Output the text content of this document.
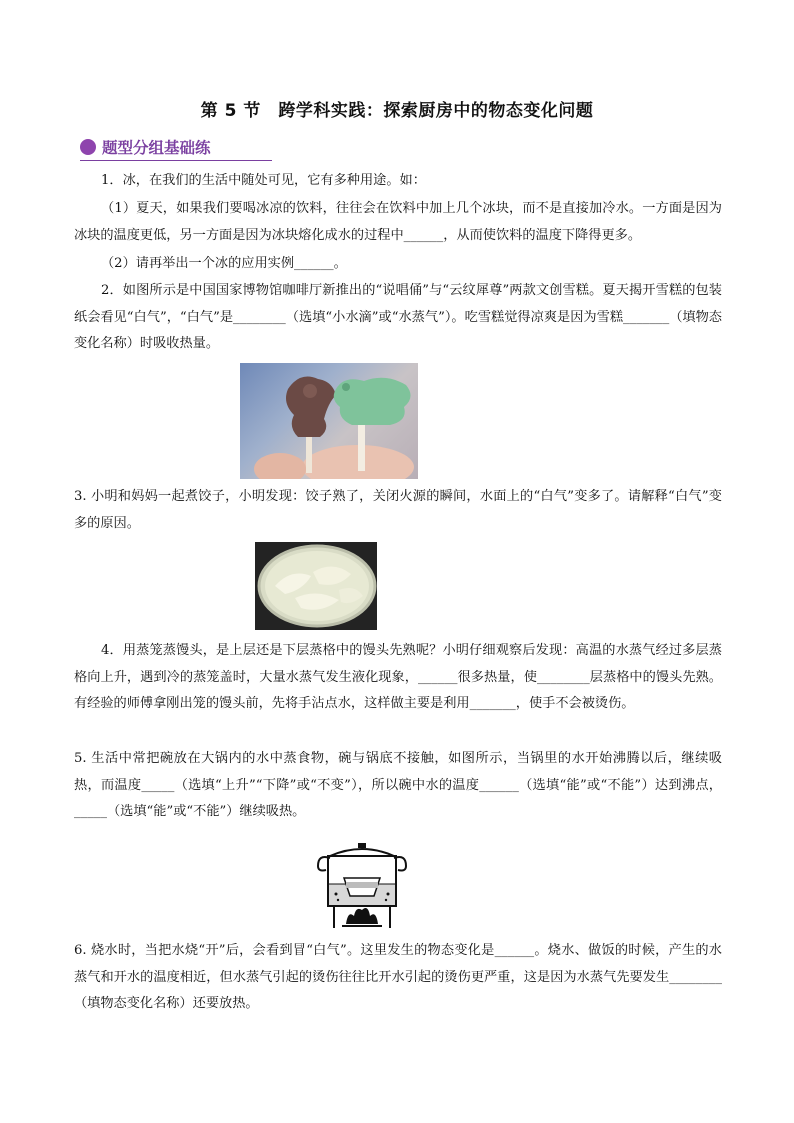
第 5 节　跨学科实践：探索厨房中的物态变化问题
题型分组基础练
1．冰，在我们的生活中随处可见，它有多种用途。如：
（1）夏天，如果我们要喝冰凉的饮料，往往会在饮料中加上几个冰块，而不是直接加冷水。一方面是因为冰块的温度更低，另一方面是因为冰块熔化成水的过程中______，从而使饮料的温度下降得更多。
（2）请再举出一个冰的应用实例______。
2．如图所示是中国国家博物馆咖啡厅新推出的“说唱俑”与“云纹犀尊”两款文创雪糕。夏天揭开雪糕的包装纸会看见“白气”，“白气”是________（选填“小水滴”或“水蒸气”）。吃雪糕觉得凉爽是因为雪糕_______（填物态变化名称）时吸收热量。
3. 小明和妈妈一起煮饺子，小明发现：饺子熟了，关闭火源的瞬间，水面上的“白气”变多了。请解释“白气”变多的原因。
4．用蒸笼蒸馒头，是上层还是下层蒸格中的馒头先熟呢？小明仔细观察后发现：高温的水蒸气经过多层蒸格向上升，遇到冷的蒸笼盖时，大量水蒸气发生液化现象，______很多热量，使________层蒸格中的馒头先熟。有经验的师傅拿刚出笼的馒头前，先将手沾点水，这样做主要是利用_______，使手不会被烫伤。
5. 生活中常把碗放在大锅内的水中蒸食物，碗与锅底不接触，如图所示，当锅里的水开始沸腾以后，继续吸热，而温度_____（选填“上升”“下降”或“不变”），所以碗中水的温度______（选填“能”或“不能”）达到沸点，_____（选填“能”或“不能”）继续吸热。
6. 烧水时，当把水烧“开”后，会看到冒“白气”。这里发生的物态变化是______。烧水、做饭的时候，产生的水蒸气和开水的温度相近，但水蒸气引起的烫伤往往比开水引起的烫伤更严重，这是因为水蒸气先要发生________（填物态变化名称）还要放热。
